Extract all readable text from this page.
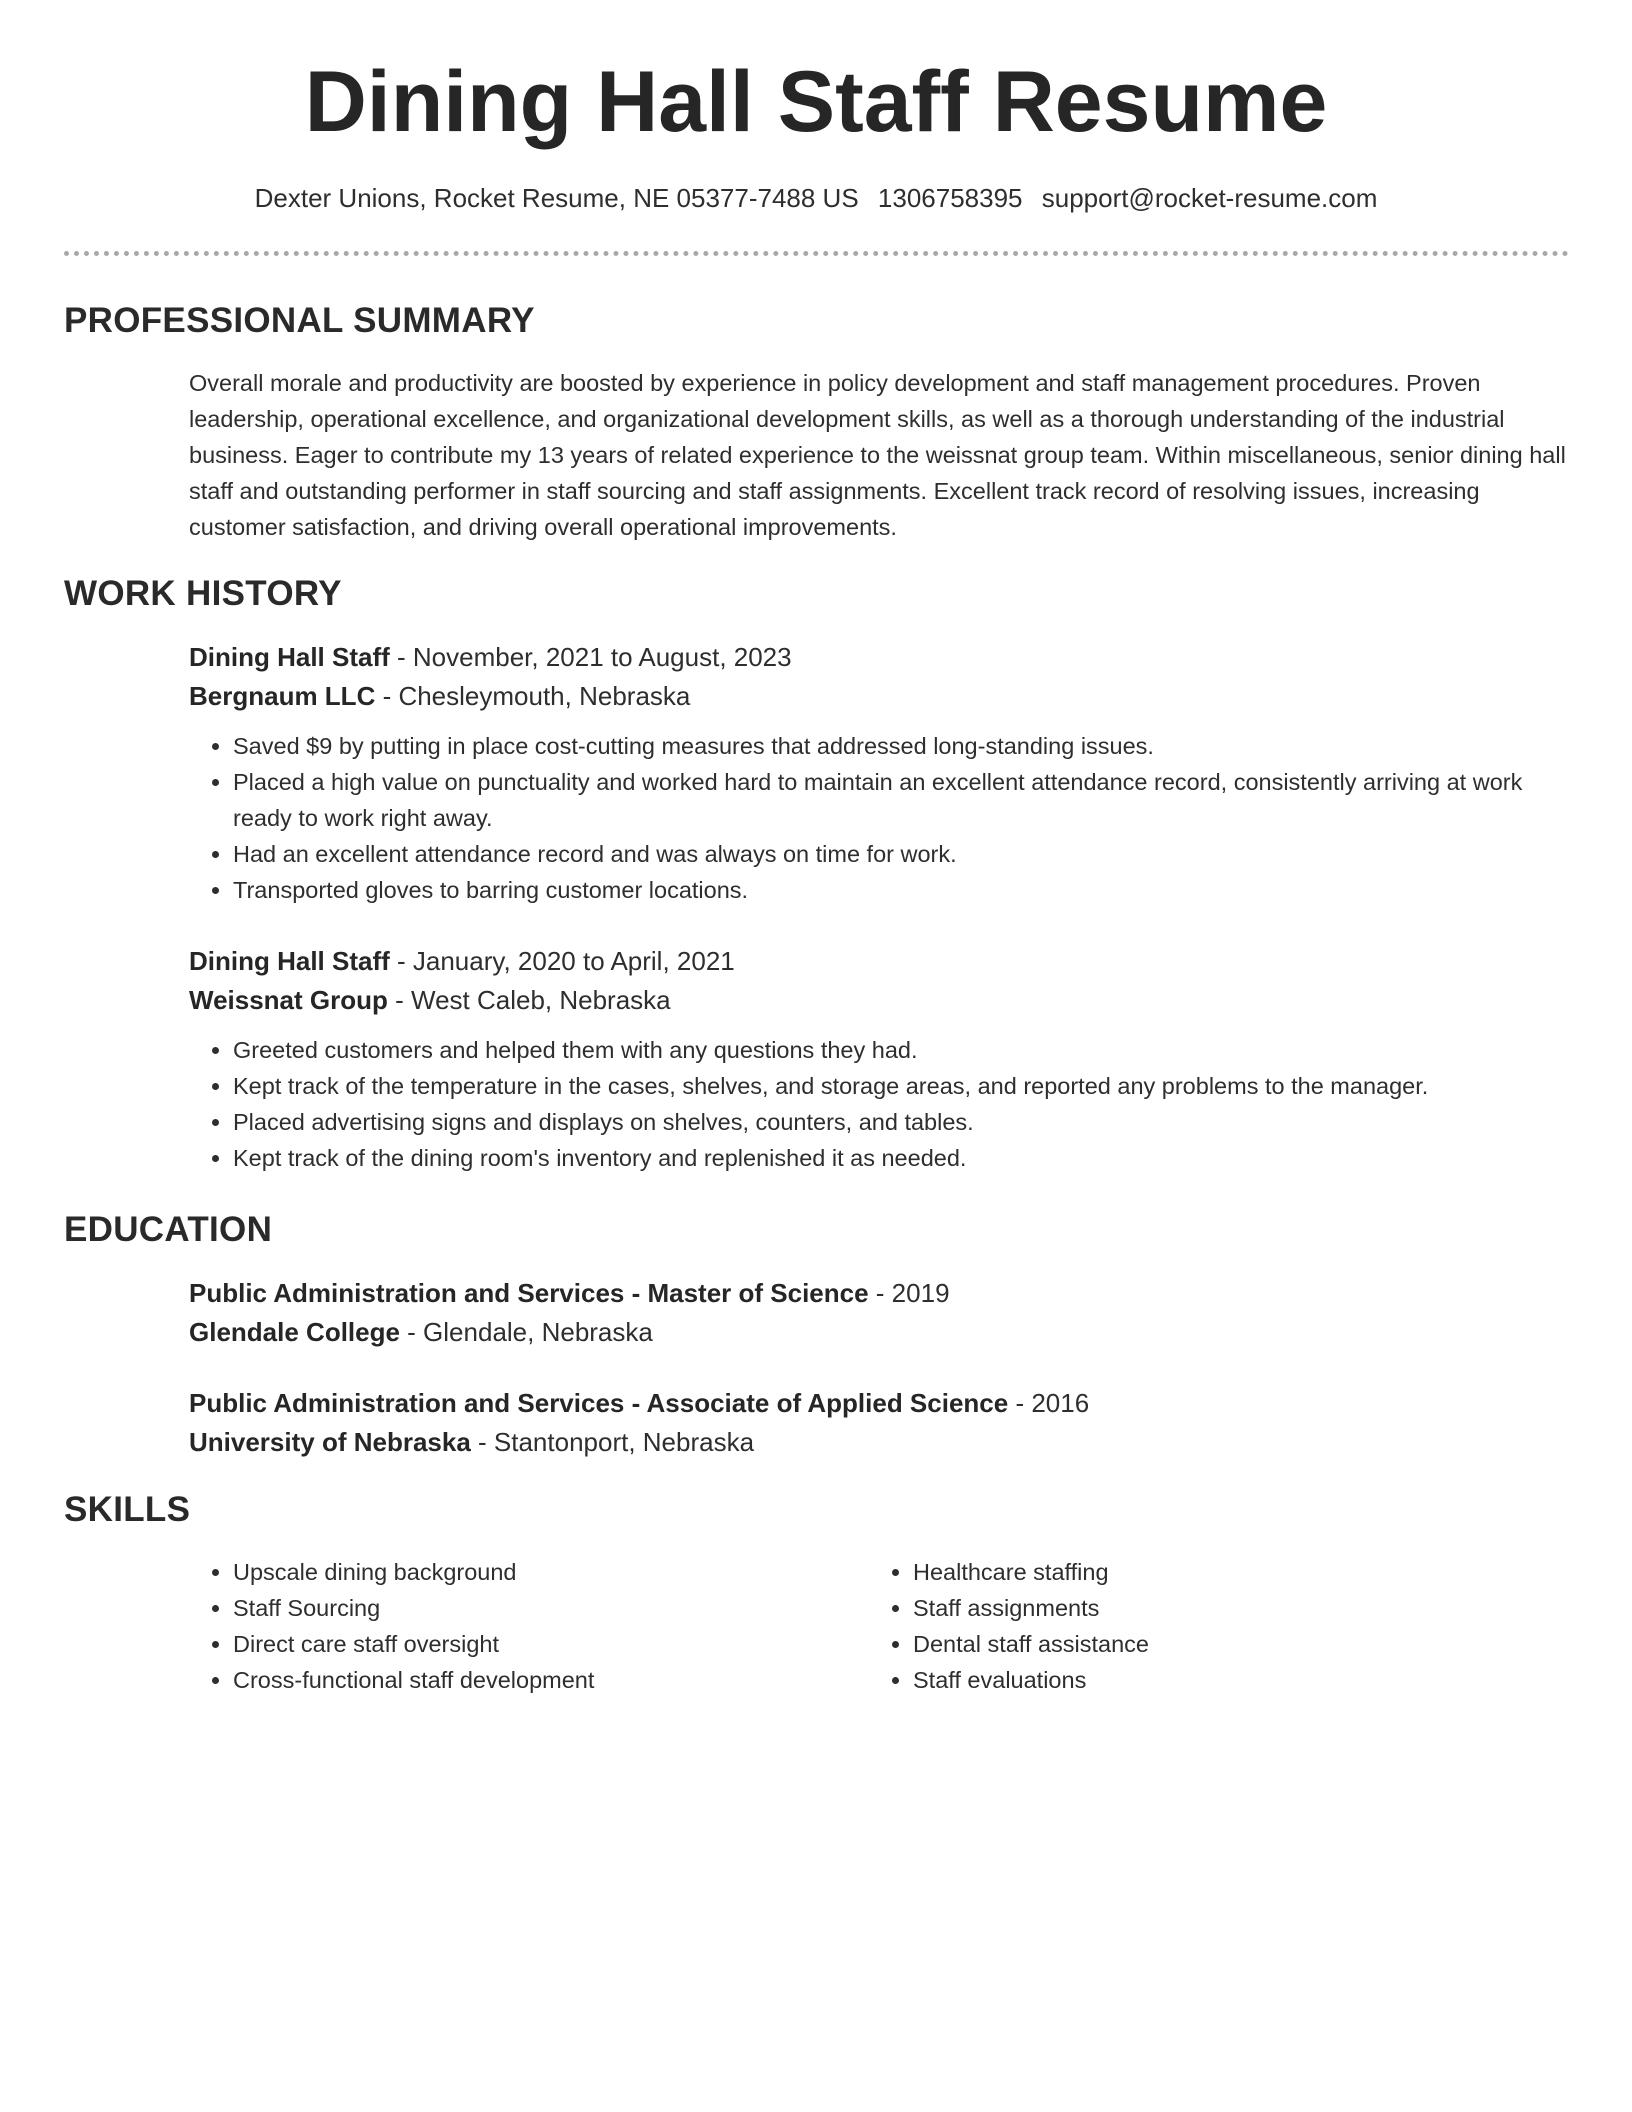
Dining Hall Staff Resume
Dexter Unions, Rocket Resume, NE 05377-7488 US 1306758395 support@rocket-resume.com
PROFESSIONAL SUMMARY

Overall morale and productivity are boosted by experience in policy development and staff management procedures. Proven leadership, operational excellence, and organizational development skills, as well as a thorough understanding of the industrial business. Eager to contribute my 13 years of related experience to the weissnat group team. Within miscellaneous, senior dining hall staff and outstanding performer in staff sourcing and staff assignments. Excellent track record of resolving issues, increasing customer satisfaction, and driving overall operational improvements.

WORK HISTORY

Dining Hall Staff - November, 2021 to August, 2023

Bergnaum LLC - Chesleymouth, Nebraska

• Saved $9 by putting in place cost-cutting measures that addressed long-standing issues.
• Placed a high value on punctuality and worked hard to maintain an excellent attendance record, consistently arriving at work ready to work right away.
• Had an excellent attendance record and was always on time for work.
• Transported gloves to barring customer locations.

Dining Hall Staff - January, 2020 to April, 2021

Weissnat Group - West Caleb, Nebraska

• Greeted customers and helped them with any questions they had.
• Kept track of the temperature in the cases, shelves, and storage areas, and reported any problems to the manager.
• Placed advertising signs and displays on shelves, counters, and tables.
• Kept track of the dining room's inventory and replenished it as needed.
EDUCATION

Public Administration and Services - Master of Science - 2019

Glendale College - Glendale, Nebraska

Public Administration and Services - Associate of Applied Science - 2016

University of Nebraska - Stantonport, Nebraska

SKILLS
• Upscale dining background
• Staff Sourcing
• Direct care staff oversight
• Cross-functional staff development
• Healthcare staffing
• Staff assignments
• Dental staff assistance
• Staff evaluations
